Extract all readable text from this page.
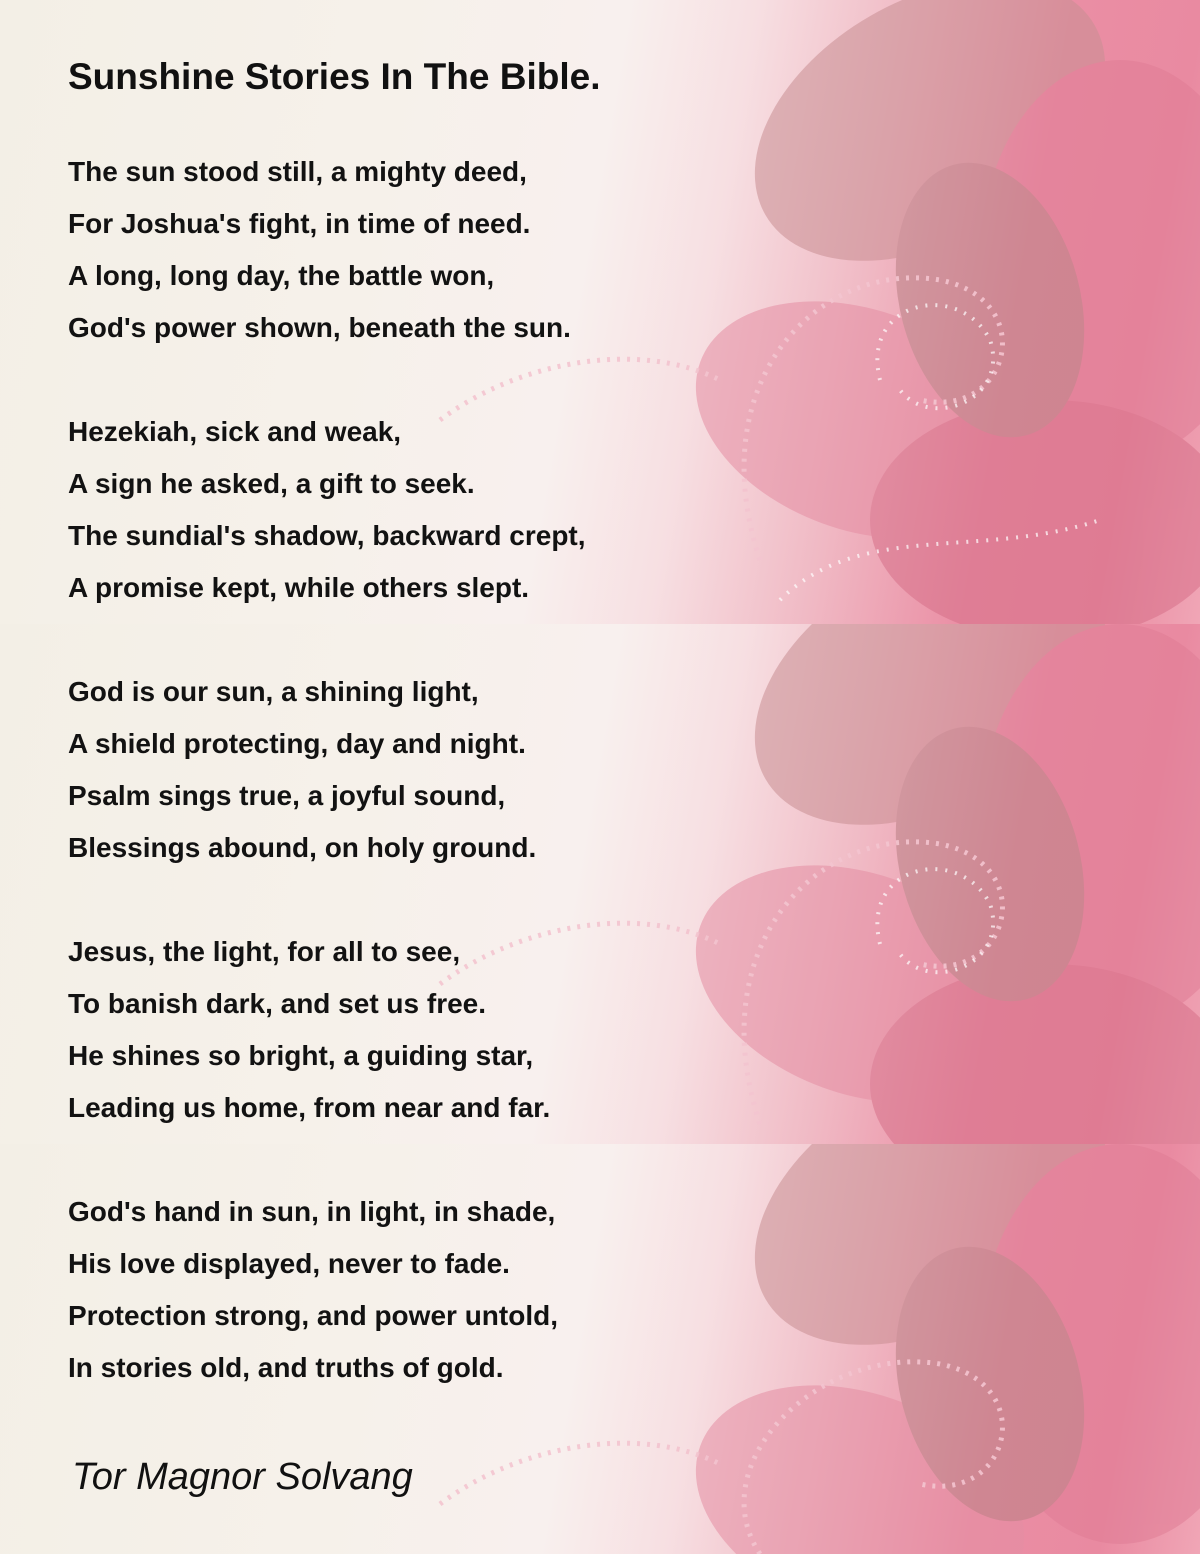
Sunshine Stories In The Bible.
The sun stood still, a mighty deed,
For Joshua's fight, in time of need.
A long, long day, the battle won,
God's power shown, beneath the sun.
Hezekiah, sick and weak,
A sign he asked, a gift to seek.
The sundial's shadow, backward crept,
A promise kept, while others slept.
God is our sun, a shining light,
A shield protecting, day and night.
Psalm sings true, a joyful sound,
Blessings abound, on holy ground.
Jesus, the light, for all to see,
To banish dark, and set us free.
He shines so bright, a guiding star,
Leading us home, from near and far.
God's hand in sun, in light, in shade,
His love displayed, never to fade.
Protection strong, and power untold,
In stories old, and truths of gold.
Tor Magnor Solvang
